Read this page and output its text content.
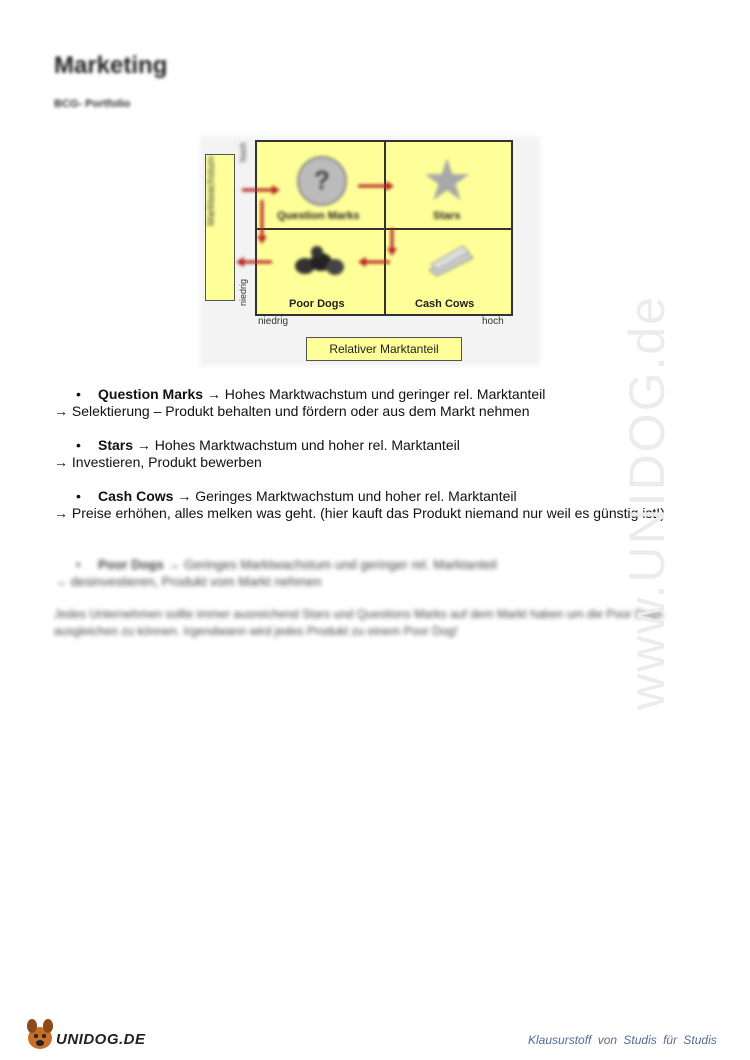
Marketing
BCG- Portfolio
Marktwachstum
hoch
niedrig
?
Question Marks
★
Stars
Poor Dogs	Cash Cows
niedrig	hoch
Relativer Marktanteil

• Question Marks → Hohes Marktwachstum und geringer rel. Marktanteil

→ Selektierung – Produkt behalten und fördern oder aus dem Markt nehmen

• Stars → Hohes Marktwachstum und hoher rel. Marktanteil

→ Investieren, Produkt bewerben

• Cash Cows → Geringes Marktwachstum und hoher rel. Marktanteil

→ Preise erhöhen, alles melken was geht. (hier kauft das Produkt niemand nur weil es günstig ist!)

• Poor Dogs → Geringes Marktwachstum und geringer rel. Marktanteil

→ desinvestieren, Produkt vom Markt nehmen

Jedes Unternehmen sollte immer ausreichend Stars und Questions Marks auf dem Markt haben um die Poor Dogs ausgleichen zu können. Irgendwann wird jedes Produkt zu einem Poor Dog!	www.UNIDOG.de
UNIDOG.DE	Klausurstoff von Studis für Studis
